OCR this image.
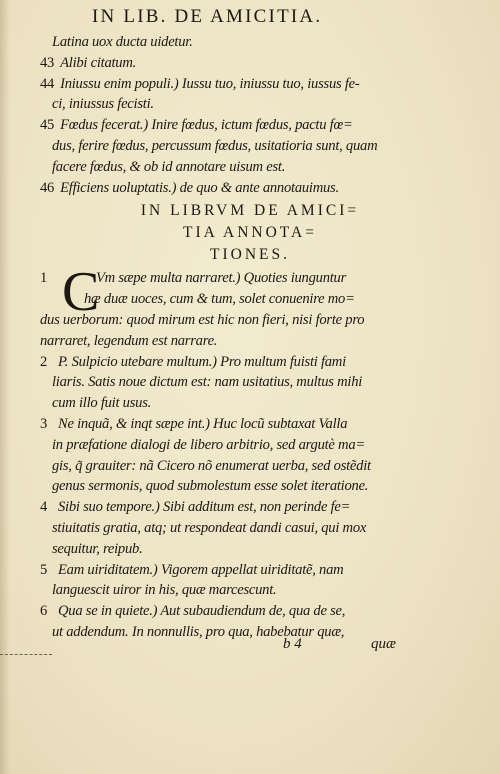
IN LIB. DE AMICITIA.
Latina uox ducta uidetur.
43 Alibi citatum.
44 Iniussu enim populi.) Iussu tuo, iniussu tuo, iussus fe-
ci, iniussus fecisti.
45 Fœdus fecerat.) Inire fœdus, ictum fœdus, pactu fœ=
dus, ferire fœdus, percussum fœdus, usitatioria sunt, quam
facere fœdus, & ob id annotare uisum est.
46 Efficiens uoluptatis.) de quo & ante annotauimus.
IN LIBRVM DE AMICI=
TIA ANNOTA=
TIONES.
C
1	Vm sæpe multa narraret.) Quoties iunguntur
hæ duæ uoces, cum & tum, solet conuenire mo=
dus uerborum: quod mirum est hic non fieri, nisi forte pro
narraret, legendum est narrare.
2 P. Sulpicio utebare multum.) Pro multum fuisti fami
liaris. Satis noue dictum est: nam usitatius, multus mihi
cum illo fuit usus.
3 Ne inquã, & inqt sæpe int.) Huc locũ subtaxat Valla
in præfatione dialogi de libero arbitrio, sed argutè ma=
gis, q̃ grauiter: nã Cicero nõ enumerat uerba, sed ostẽdit
genus sermonis, quod submolestum esse solet iteratione.
4 Sibi suo tempore.) Sibi additum est, non perinde fe=
stiuitatis gratia, atq; ut respondeat dandi casui, qui mox
sequitur, reipub.
5 Eam uiriditatem.) Vigorem appellat uiriditatẽ, nam
languescit uiror in his, quæ marcescunt.
6 Qua se in quiete.) Aut subaudiendum de, qua de se,
ut addendum. In nonnullis, pro qua, habebatur quæ,
b 4	quæ
